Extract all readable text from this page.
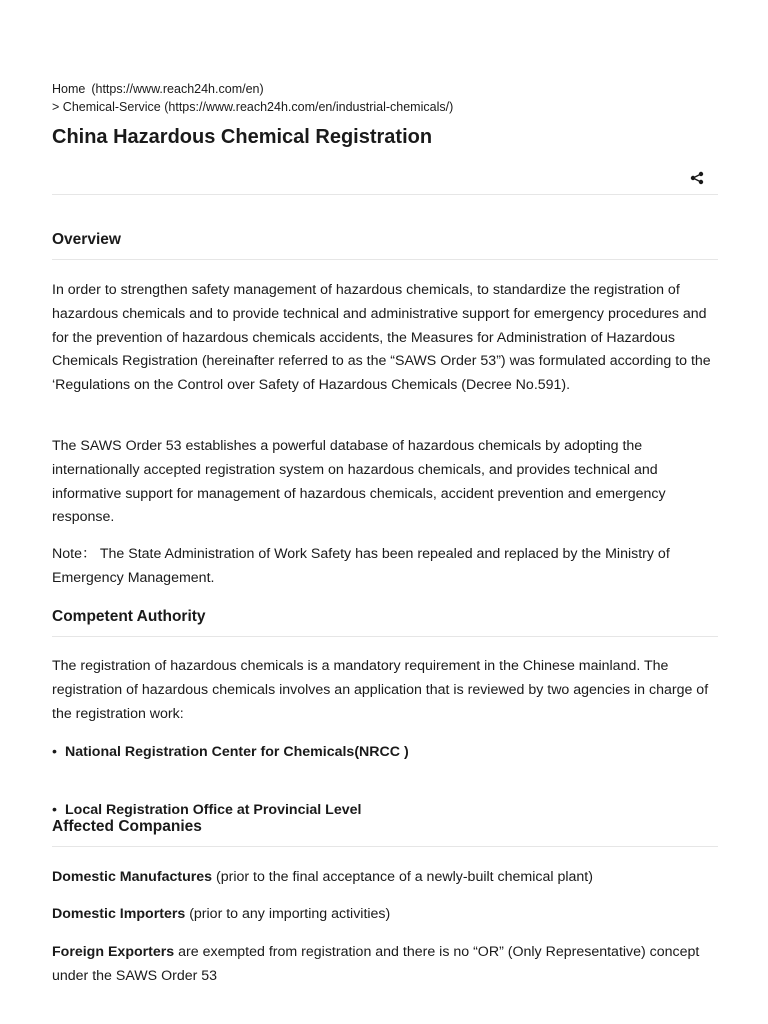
Home (https://www.reach24h.com/en)
> Chemical-Service (https://www.reach24h.com/en/industrial-chemicals/)
China Hazardous Chemical Registration
Overview

In order to strengthen safety management of hazardous chemicals, to standardize the registration of hazardous chemicals and to provide technical and administrative support for emergency procedures and for the prevention of hazardous chemicals accidents, the Measures for Administration of Hazardous Chemicals Registration (hereinafter referred to as the “SAWS Order 53”) was formulated according to the ‘Regulations on the Control over Safety of Hazardous Chemicals (Decree No.591).

The SAWS Order 53 establishes a powerful database of hazardous chemicals by adopting the internationally accepted registration system on hazardous chemicals, and provides technical and informative support for management of hazardous chemicals, accident prevention and emergency response.

Note： The State Administration of Work Safety has been repealed and replaced by the Ministry of Emergency Management.

Competent Authority

The registration of hazardous chemicals is a mandatory requirement in the Chinese mainland. The registration of hazardous chemicals involves an application that is reviewed by two agencies in charge of the registration work:

• National Registration Center for Chemicals(NRCC )
• Local Registration Office at Provincial Level
Affected Companies

Domestic Manufactures (prior to the final acceptance of a newly-built chemical plant)

Domestic Importers (prior to any importing activities)

Foreign Exporters are exempted from registration and there is no “OR” (Only Representative) concept under the SAWS Order 53
